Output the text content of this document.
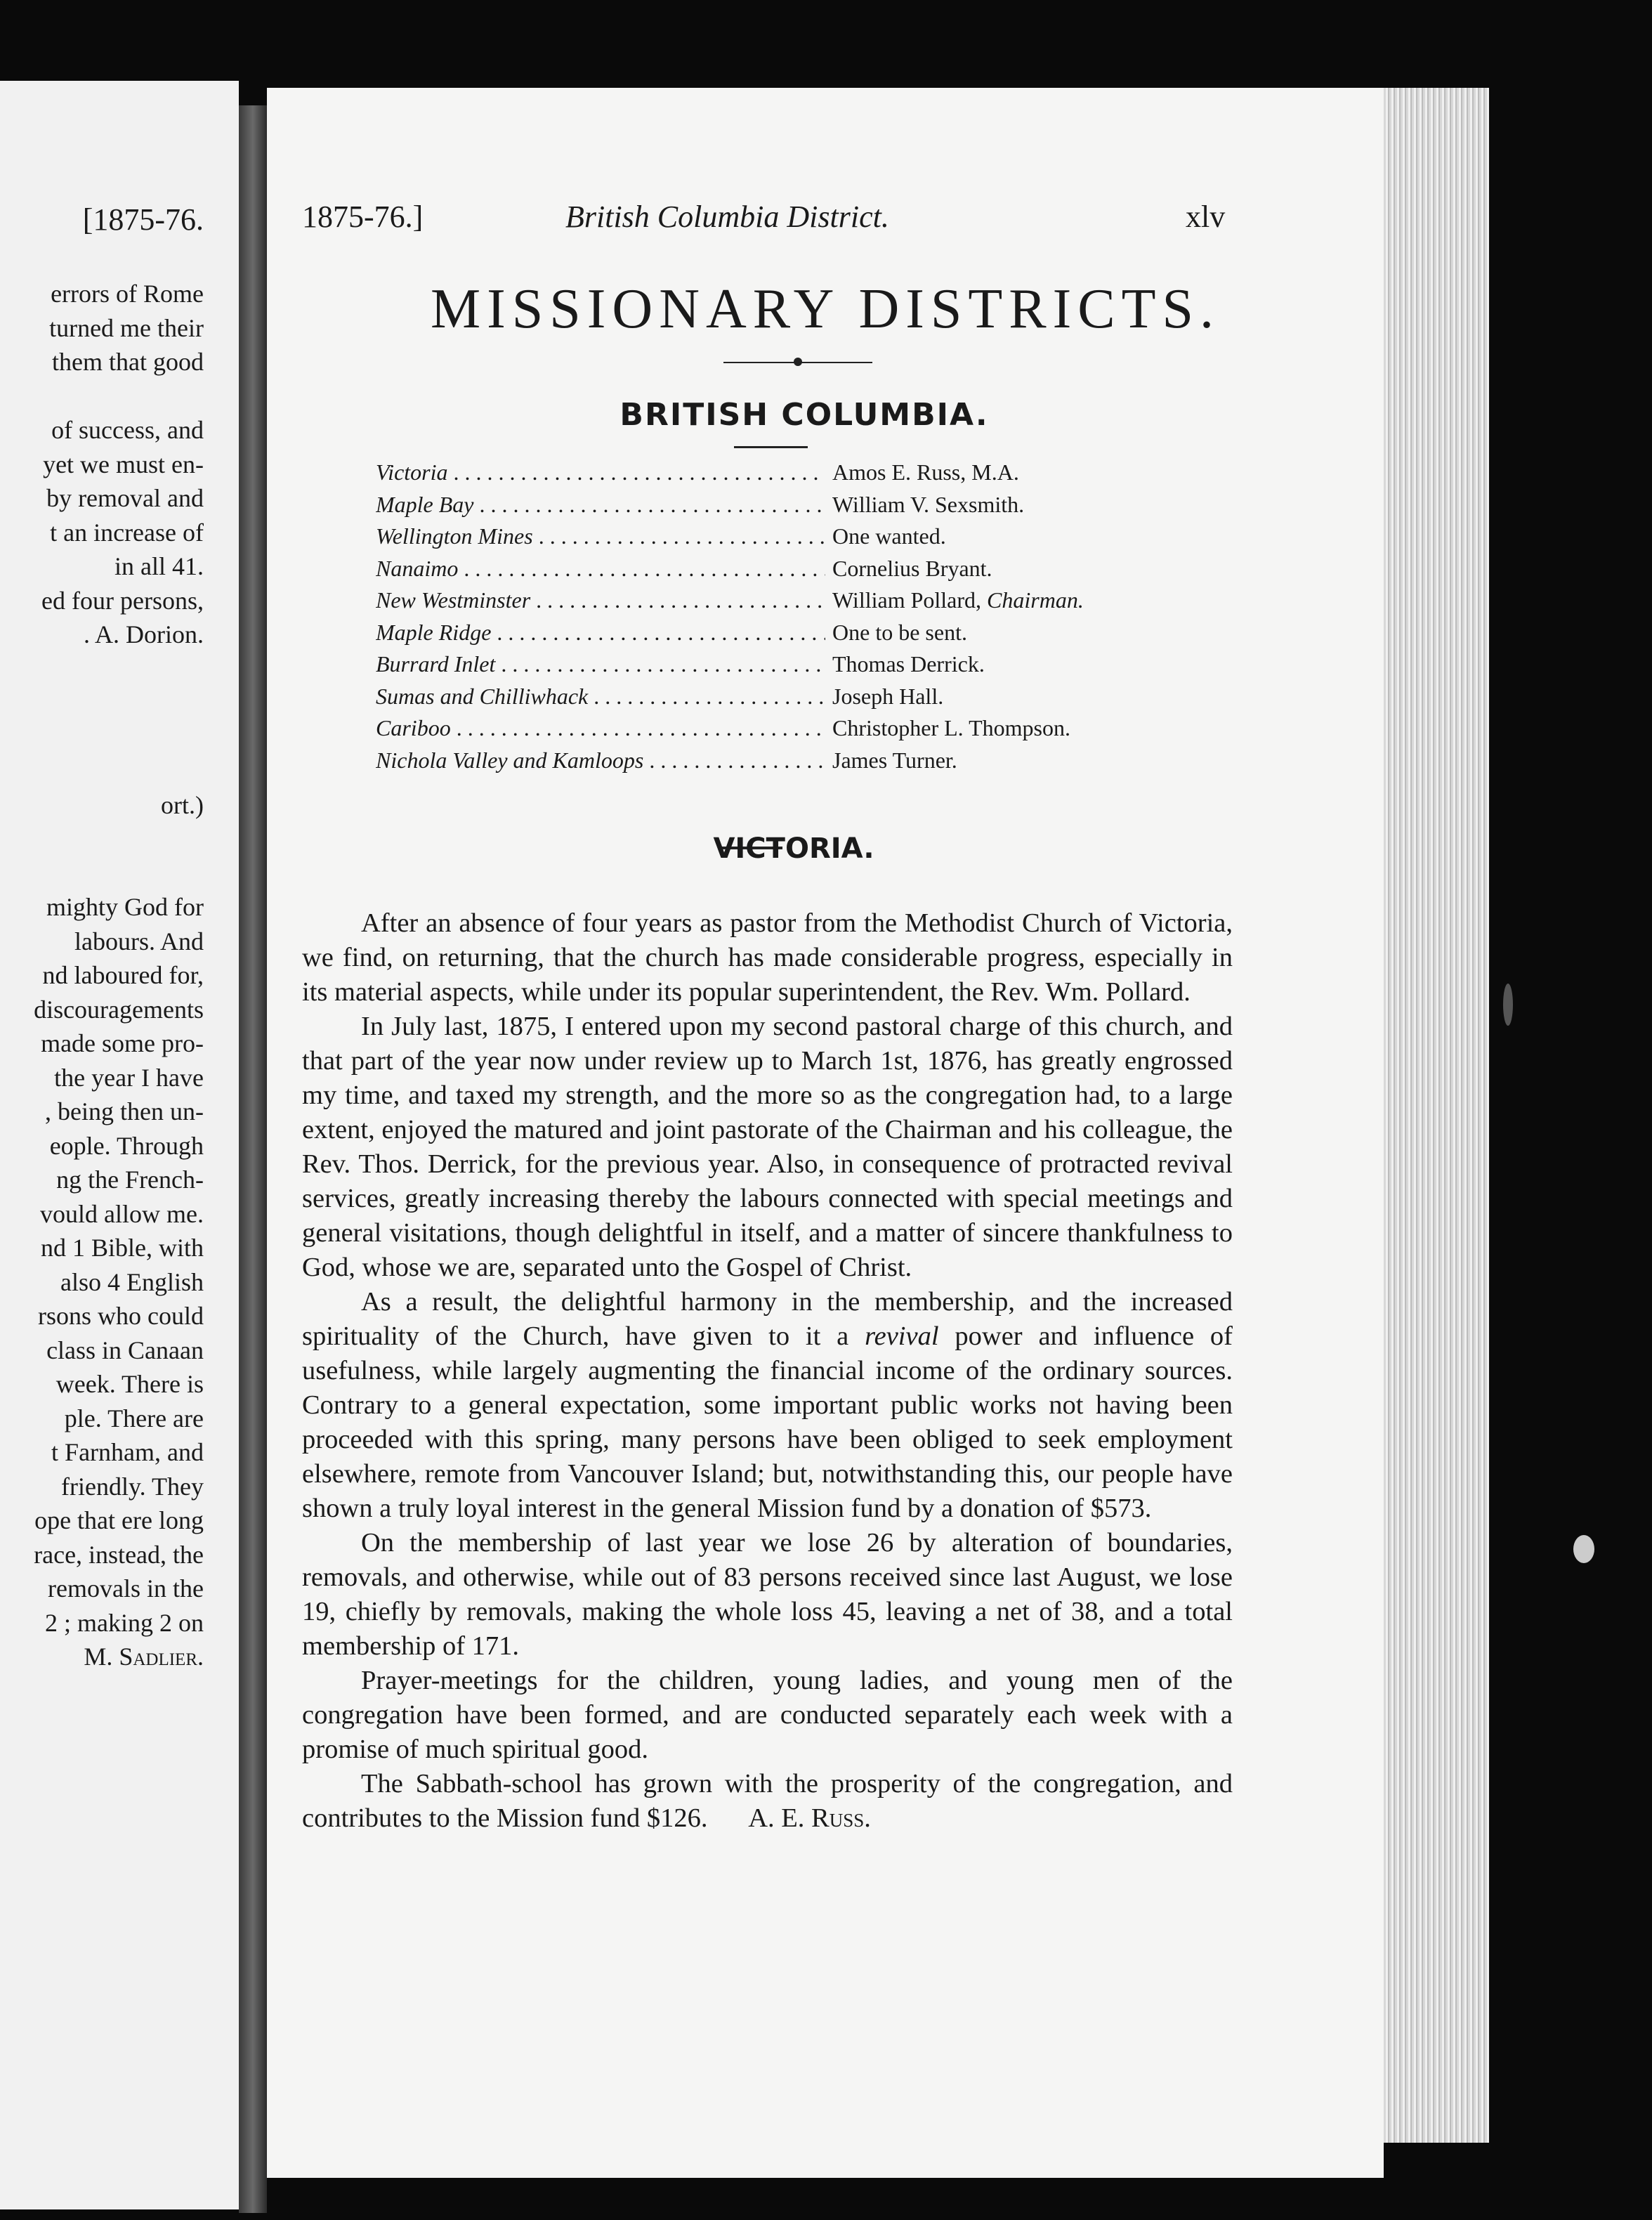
[1875-76.
errors of Rome
turned me their
them that good
of success, and
yet we must en-
by removal and
t an increase of
in all 41.
ed four persons,
. A. Dorion.
ort.)
mighty God for
labours. And
nd laboured for,
discouragements
made some pro-
the year I have
, being then un-
eople. Through
ng the French-
vould allow me.
nd 1 Bible, with
also 4 English
rsons who could
class in Canaan
week. There is
ple. There are
t Farnham, and
friendly. They
ope that ere long
race, instead, the
removals in the
2 ; making 2 on
M. Sadlier.
1875-76.]	British Columbia District.	xlv
MISSIONARY DISTRICTS.
BRITISH COLUMBIA.
Victoria . . .	Amos E. Russ, M.A.
Maple Bay . . .	William V. Sexsmith.
Wellington Mines . . .	One wanted.
Nanaimo . . .	Cornelius Bryant.
New Westminster . . .	William Pollard, Chairman.
Maple Ridge . . .	One to be sent.
Burrard Inlet . . .	Thomas Derrick.
Sumas and Chilliwhack . . .	Joseph Hall.
Cariboo . . .	Christopher L. Thompson.
Nichola Valley and Kamloops . . .	James Turner.
VICTORIA.

After an absence of four years as pastor from the Methodist Church of Victoria, we find, on returning, that the church has made considerable progress, especially in its material aspects, while under its popular superintendent, the Rev. Wm. Pollard.

In July last, 1875, I entered upon my second pastoral charge of this church, and that part of the year now under review up to March 1st, 1876, has greatly engrossed my time, and taxed my strength, and the more so as the congregation had, to a large extent, enjoyed the matured and joint pastorate of the Chairman and his colleague, the Rev. Thos. Derrick, for the previous year. Also, in consequence of protracted revival services, greatly increasing thereby the labours connected with special meetings and general visitations, though delightful in itself, and a matter of sincere thankfulness to God, whose we are, separated unto the Gospel of Christ.

As a result, the delightful harmony in the membership, and the increased spirituality of the Church, have given to it a revival power and influence of usefulness, while largely augmenting the financial income of the ordinary sources. Contrary to a general expectation, some important public works not having been proceeded with this spring, many persons have been obliged to seek employment elsewhere, remote from Vancouver Island; but, notwithstanding this, our people have shown a truly loyal interest in the general Mission fund by a donation of $573.

On the membership of last year we lose 26 by alteration of boundaries, removals, and otherwise, while out of 83 persons received since last August, we lose 19, chiefly by removals, making the whole loss 45, leaving a net of 38, and a total membership of 171.

Prayer-meetings for the children, young ladies, and young men of the congregation have been formed, and are conducted separately each week with a promise of much spiritual good.

The Sabbath-school has grown with the prosperity of the congregation, and contributes to the Mission fund $126. A. E. Russ.
